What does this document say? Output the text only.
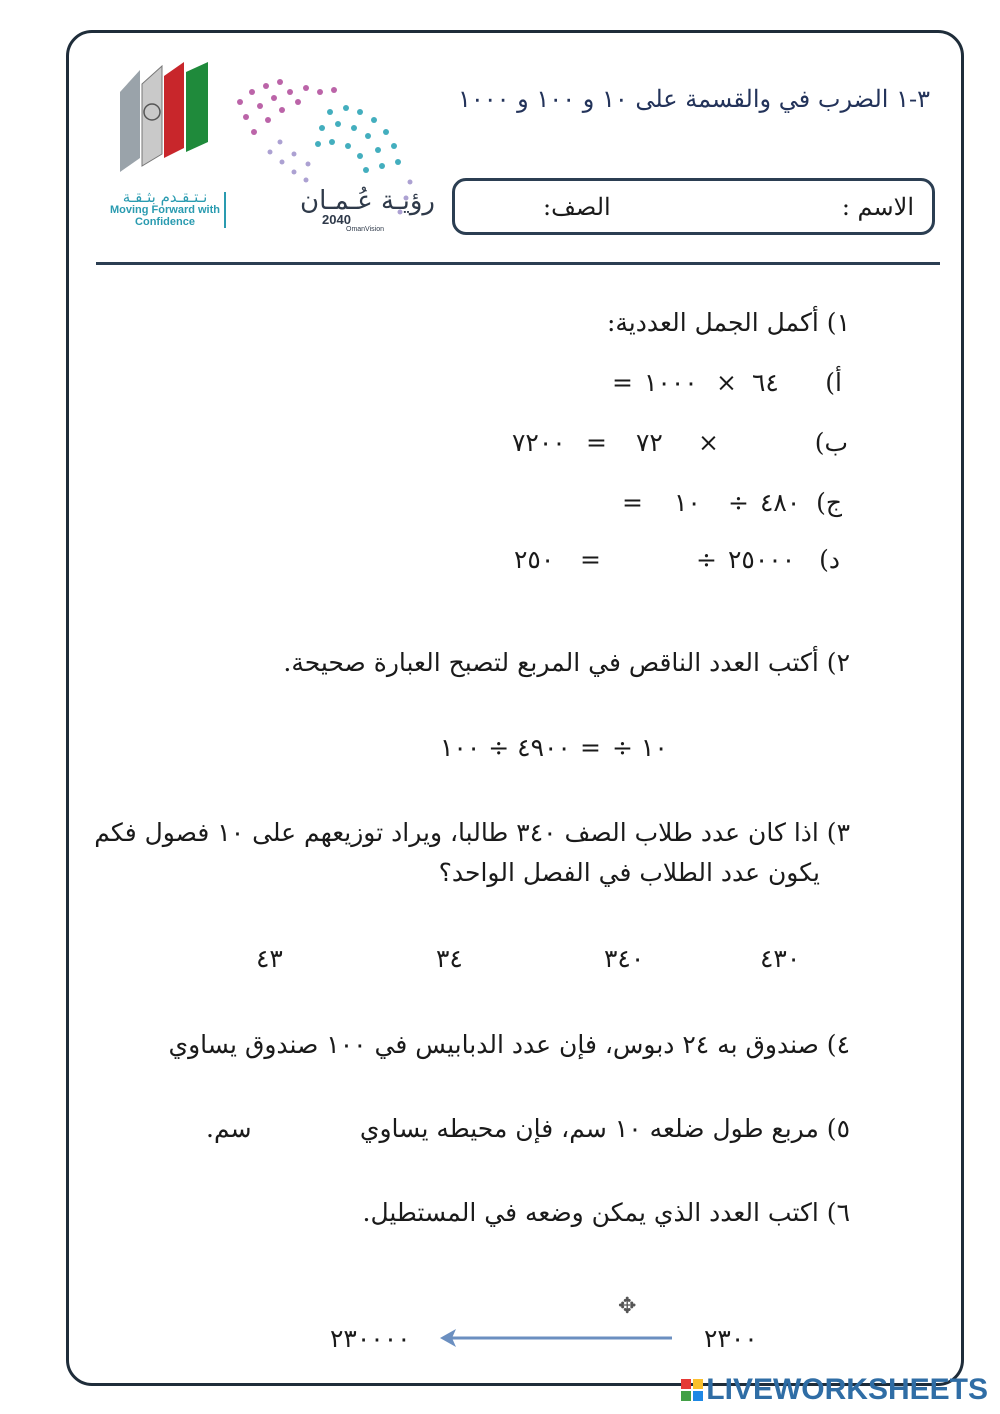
نـتـقـدم بثـقـة
Moving Forward with Confidence
رؤيـة عُـمـان
2040
OmanVision
٣-١ الضرب في والقسمة على ١٠ و ١٠٠ و ١٠٠٠
الاسم :
الصف:
١) أكمل الجمل العددية:
أ)
٦٤
×
١٠٠٠
=
ب)
×
٧٢
=
٧٢٠٠
ج)
٤٨٠
÷
١٠
=
د)
٢٥٠٠٠
÷
=
٢٥٠
٢) أكتب العدد الناقص في المربع لتصبح العبارة صحيحة.
÷ ١٠
=
٤٩٠٠ ÷ ١٠٠
٣) اذا كان عدد طلاب الصف ٣٤٠ طالبا، ويراد توزيعهم على ١٠ فصول فكم
يكون عدد الطلاب في الفصل الواحد؟
٤٣٠
٣٤٠
٣٤
٤٣
٤) صندوق به ٢٤ دبوس، فإن عدد الدبابيس في ١٠٠ صندوق يساوي
٥) مربع طول ضلعه ١٠ سم، فإن محيطه يساوي
سم.
٦) اكتب العدد الذي يمكن وضعه في المستطيل.
✥
٢٣٠٠
٢٣٠٠٠٠
LIVEWORKSHEETS
